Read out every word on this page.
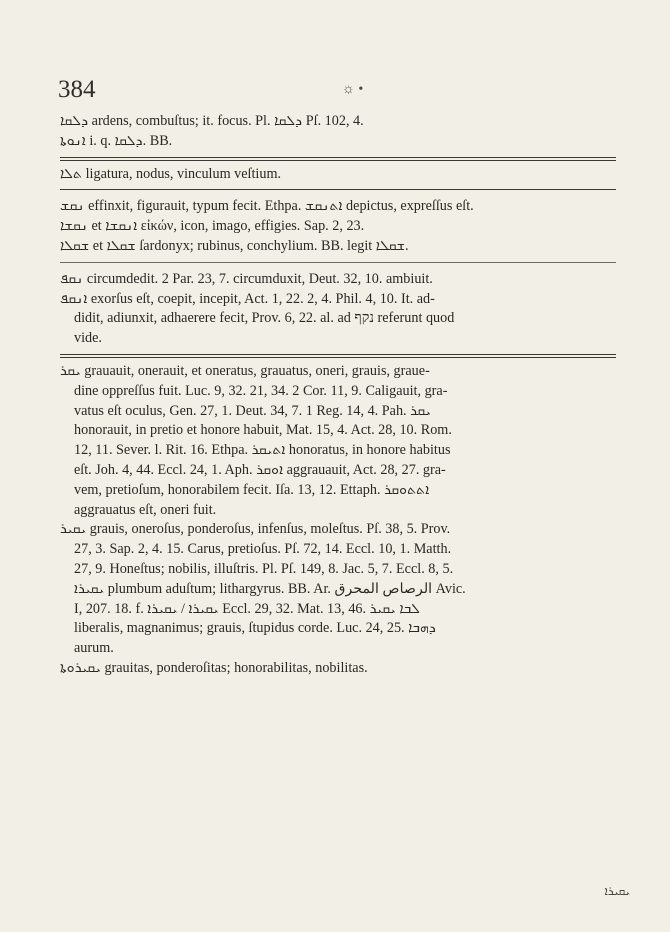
384	☼ •

ܕܠܩܐ ardens, combuſtus; it. focus. Pl. ܕܠܩܐ Pſ. 102, 4.

ܐܢܘܬܐ i. q. ܕܠܩܐ. BB.

ܬܠܐ ligatura, nodus, vinculum veſtium.

ܢܩܫ effinxit, figurauit, typum fecit. Ethpa. ܐܬܢܩܫ depictus, expreſſus eſt.

ܢܩܫܐ et ܐܢܩܫܐ εἰκών, icon, imago, effigies. Sap. 2, 23.

ܫܩܠܐ et ܫܩܠܐ ſardonyx; rubinus, conchylium. BB. legit ܫܩܠܐ.

ܢܩܦ circumdedit. 2 Par. 23, 7. circumduxit, Deut. 32, 10. ambiuit.

ܐܢܩܦ exorſus eſt, coepit, incepit, Act. 1, 22. 2, 4. Phil. 4, 10. It. ad-

didit, adiunxit, adhaerere fecit, Prov. 6, 22. al. ad נקף referunt quod

vide.

ܝܩܪ grauauit, onerauit, et oneratus, grauatus, oneri, grauis, graue-

dine oppreſſus fuit. Luc. 9, 32. 21, 34. 2 Cor. 11, 9. Caligauit, gra-

vatus eſt oculus, Gen. 27, 1. Deut. 34, 7. 1 Reg. 14, 4. Pah. ܝܩܪ

honorauit, in pretio et honore habuit, Mat. 15, 4. Act. 28, 10. Rom.

12, 11. Sever. l. Rit. 16. Ethpa. ܐܬܝܩܪ honoratus, in honore habitus

eſt. Joh. 4, 44. Eccl. 24, 1. Aph. ܐܘܩܪ aggrauauit, Act. 28, 27. gra-

vem, pretioſum, honorabilem fecit. Iſa. 13, 12. Ettaph. ܐܬܬܘܩܪ

aggrauatus eſt, oneri fuit.

ܝܩܝܪ grauis, oneroſus, ponderoſus, infenſus, moleſtus. Pſ. 38, 5. Prov.

27, 3. Sap. 2, 4. 15. Carus, pretioſus. Pſ. 72, 14. Eccl. 10, 1. Matth.

27, 9. Honeſtus; nobilis, illuſtris. Pl. Pſ. 149, 8. Jac. 5, 7. Eccl. 8, 5.

ܝܩܝܪܐ plumbum aduſtum; lithargyrus. BB. Ar. الرصاص المحرق Avic.

I, 207. 18. f. ܝܩܝܪܐ / ܝܩܝܪܐ Eccl. 29, 32. Mat. 13, 46. ܠܒܐ ܝܩܝܪ

liberalis, magnanimus; grauis, ſtupidus corde. Luc. 24, 25. ܕܗܒܐ

aurum.

ܝܩܝܪܘܬܐ grauitas, ponderoſitas; honorabilitas, nobilitas.

ܝܩܝܪܐ
